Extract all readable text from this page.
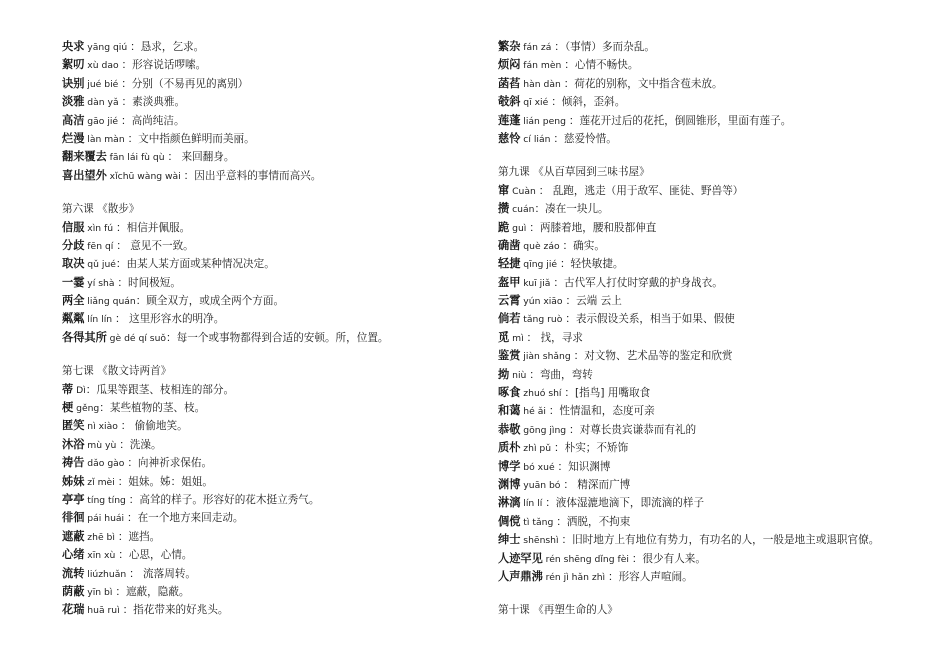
央求 yāng qiú ：恳求，乞求。
絮叨 xù dao ：形容说话啰嗦。
诀别 jué bié ：分别（不易再见的离别）
淡雅 dàn yǎ ：素淡典雅。
高洁 gāo jié ：高尚纯洁。
烂漫 làn màn ：文中指颜色鲜明而美丽。
翻来覆去 fān lái fù qù ： 来回翻身。
喜出望外 xǐchū wàng wài ：因出乎意料的事情而高兴。
第六课 《散步》
信服 xìn fú ：相信并佩服。
分歧 fēn qí ： 意见不一致。
取决 qǔ jué：由某人某方面或某种情况决定。
一霎 yí shà ：时间极短。
两全 liǎng quán：顾全双方，或成全两个方面。
粼粼 lín lín ： 这里形容水的明净。
各得其所 gè dé qí suǒ：每一个或事物都得到合适的安顿。所，位置。
第七课 《散文诗两首》
蒂 Dì：瓜果等跟茎、枝相连的部分。
梗 gěng：某些植物的茎、枝。
匿笑 nì xiào ： 偷偷地笑。
沐浴 mù yù ：洗澡。
祷告 dǎo gào ：向神祈求保佑。
姊妹 zǐ mèi ：姐妹。姊：姐姐。
亭亭 tíng tíng ：高耸的样子。形容好的花木挺立秀气。
徘徊 pái huái ：在一个地方来回走动。
遮蔽 zhē bì ：遮挡。
心绪 xīn xù ：心思，心情。
流转 liúzhuǎn ： 流落周转。
荫蔽 yīn bì ：遮蔽，隐蔽。
花瑞 huā ruì ：指花带来的好兆头。
繁杂 fán zá ：（事情）多而杂乱。
烦闷 fán mèn ：心情不畅快。
菡萏 hàn dàn ：荷花的别称，文中指含苞未放。
攲斜 qī xié ：倾斜，歪斜。
莲蓬 lián peng ：莲花开过后的花托，倒圆锥形，里面有莲子。
慈怜 cí lián ：慈爱怜惜。
第九课 《从百草园到三味书屋》
窜 Cuàn ： 乱跑，逃走（用于敌军、匪徒、野兽等）
攒 cuán：凑在一块儿。
跪 guì ：两膝着地，腰和股都伸直
确凿 què záo ：确实。
轻捷 qīng jié ：轻快敏捷。
盔甲 kuī jiǎ ：古代军人打仗时穿戴的护身战衣。
云霄 yún xiāo ：云端 云上
倘若 tǎng ruò ：表示假设关系，相当于如果、假使
觅 mì ： 找，寻求
鉴赏 jiàn shǎng ：对文物、艺术品等的鉴定和欣赏
拗 niù ：弯曲，弯转
啄食 zhuó shí ：[指鸟] 用嘴取食
和蔼 hé ǎi ：性情温和，态度可亲
恭敬 gōng jìng ：对尊长贵宾谦恭而有礼的
质朴 zhì pǔ ：朴实；不矫饰
博学 bó xué ：知识渊博
渊博 yuān bó ： 精深而广博
淋漓 lín lí ：液体湿漉地滴下，即流滴的样子
倜傥 tì tǎng ：洒脱，不拘束
绅士 shēnshì ：旧时地方上有地位有势力，有功名的人，一般是地主或退职官僚。
人迹罕见 rén shēng dǐng fèi ：很少有人来。
人声鼎沸 rén jì hǎn zhì ：形容人声喧闹。
第十课 《再塑生命的人》
